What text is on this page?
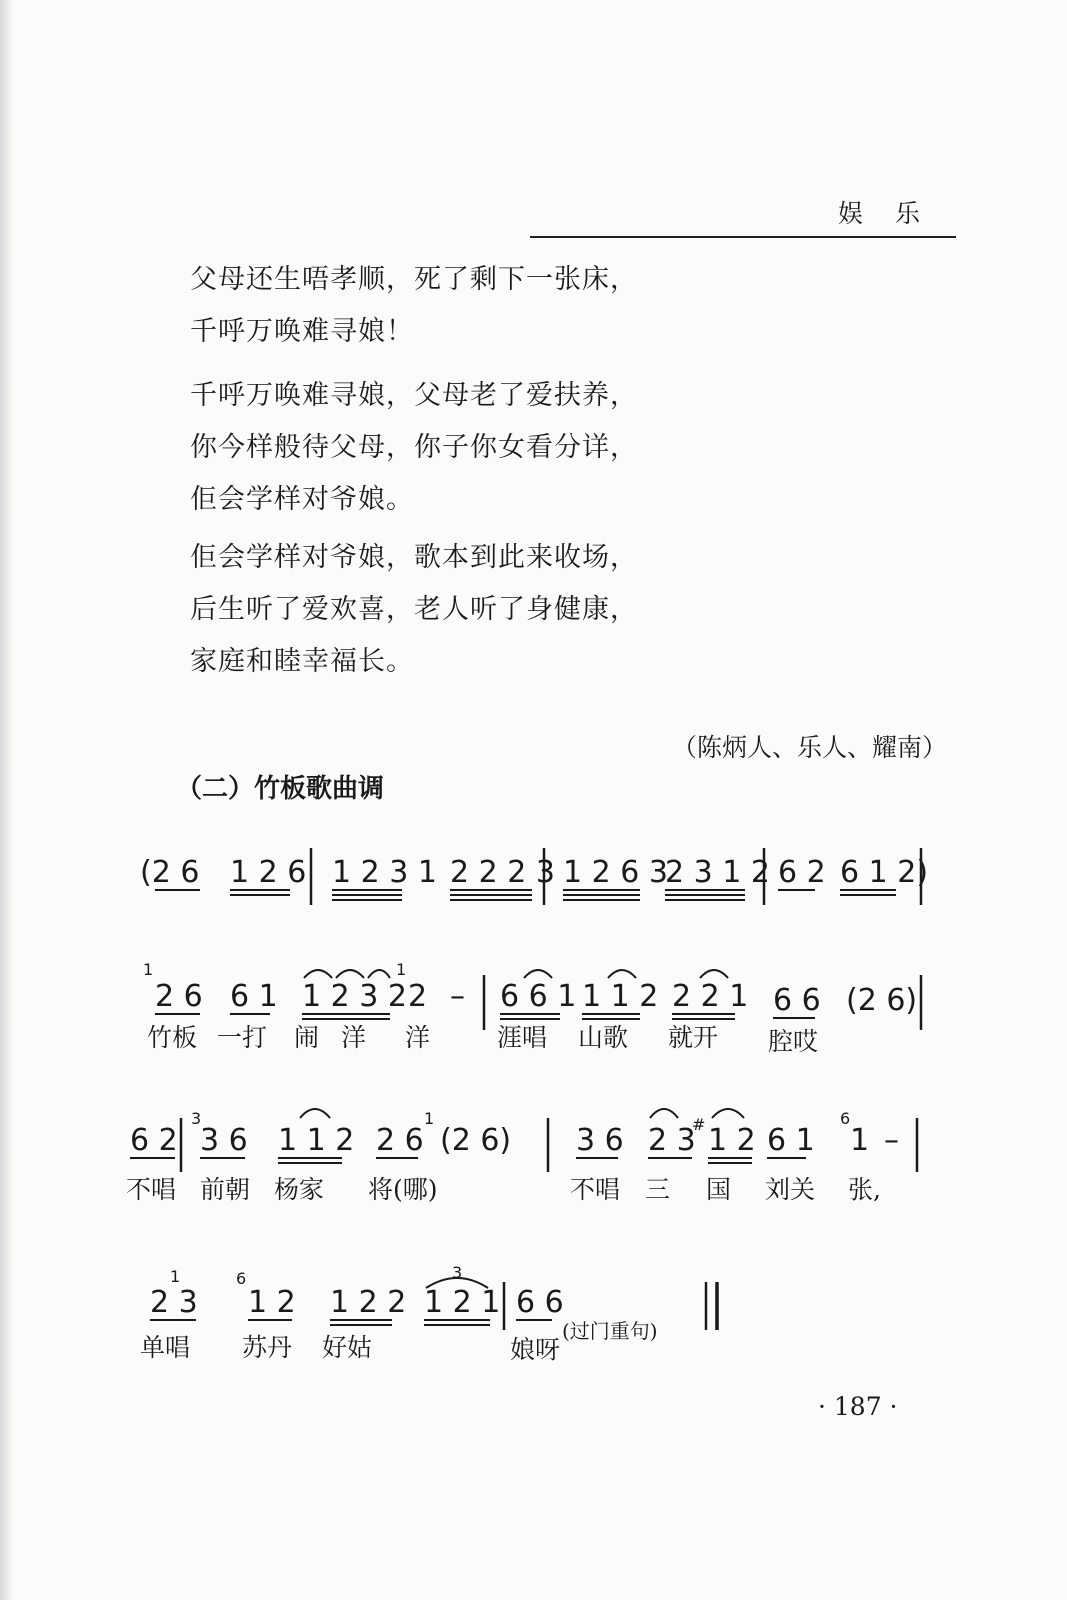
娱 乐
父母还生唔孝顺，死了剩下一张床，
千呼万唤难寻娘！
千呼万唤难寻娘，父母老了爱扶养，
你今样般待父母，你子你女看分详，
佢会学样对爷娘。
佢会学样对爷娘，歌本到此来收场，
后生听了爱欢喜，老人听了身健康，
家庭和睦幸福长。
（陈炳人、乐人、耀南）
（二）竹板歌曲调
(2 6 1 2 6 1 2 3 1 2 2 2 3 1 2 6 3
2 3 1 2 6 2 6 1 2)
1
2 6 6 1 1 2 3 2
1
2 – 6 6 1 1 1 2 2 2 1 6 6 (2 6)
竹板 一打 闹 洋 洋	涯唱 山歌 就开 腔哎
6 2
3
3 6 1 1 2 2 6
1
(2 6) 3 6 2 3
# 1 2 6 1
6
1 –
不唱 前朝 杨家 将(哪)	不唱 三 国 刘关 张,
2 3
1	6
1 2 1 2 2 1 2 1
3
6 6
(过门重句)
单唱 苏丹 好姑	娘呀
· 187 ·
